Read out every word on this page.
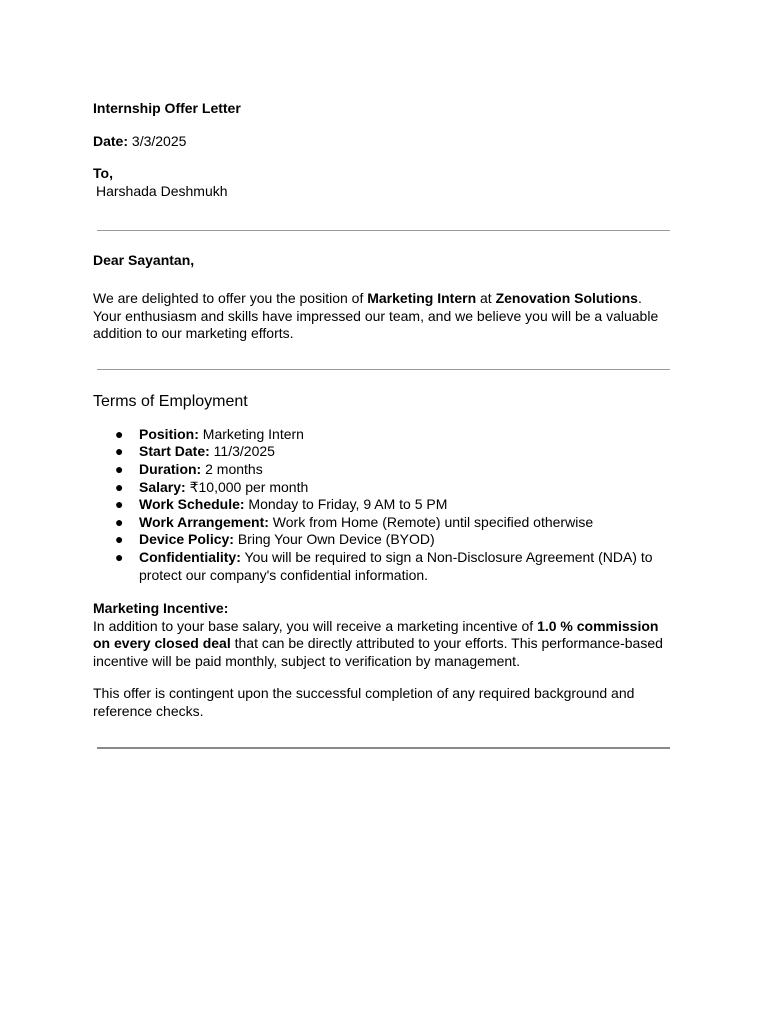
Internship Offer Letter

Date: 3/3/2025

To,

Harshada Deshmukh

Dear Sayantan,

We are delighted to offer you the position of Marketing Intern at Zenovation Solutions. Your enthusiasm and skills have impressed our team, and we believe you will be a valuable addition to our marketing efforts.

Terms of Employment
● Position: Marketing Intern
● Start Date: 11/3/2025
● Duration: 2 months
● Salary: ₹10,000 per month
● Work Schedule: Monday to Friday, 9 AM to 5 PM
● Work Arrangement: Work from Home (Remote) until specified otherwise
● Device Policy: Bring Your Own Device (BYOD)
● Confidentiality: You will be required to sign a Non-Disclosure Agreement (NDA) to protect our company's confidential information.

Marketing Incentive:

In addition to your base salary, you will receive a marketing incentive of 1.0 % commission on every closed deal that can be directly attributed to your efforts. This performance-based incentive will be paid monthly, subject to verification by management.

This offer is contingent upon the successful completion of any required background and reference checks.
